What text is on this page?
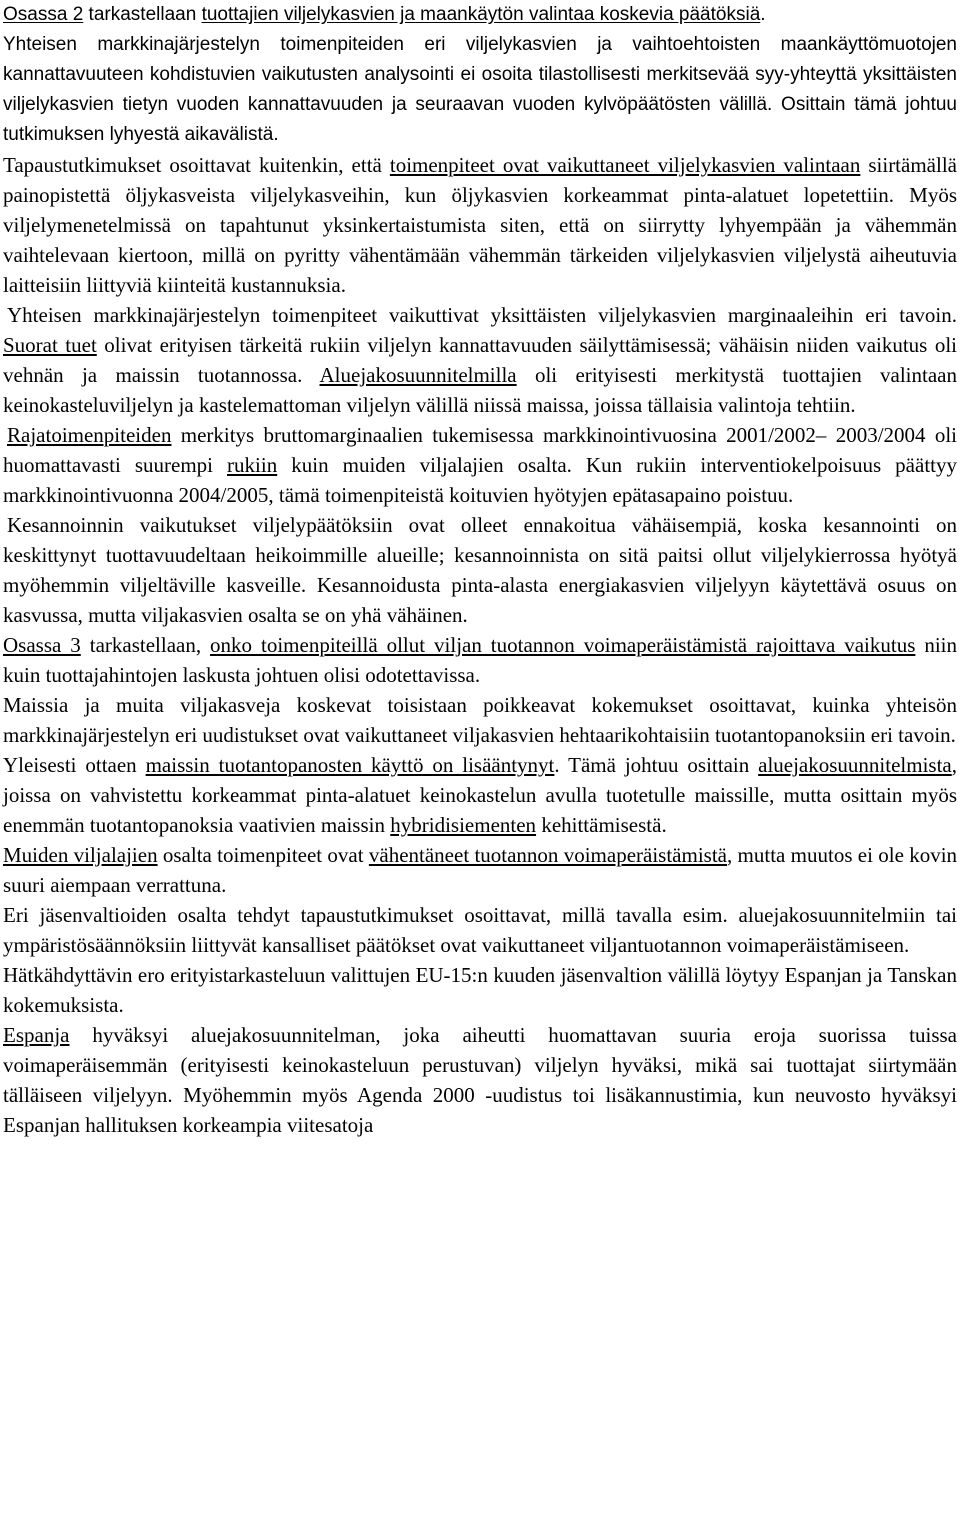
Osassa 2 tarkastellaan tuottajien viljelykasvien ja maankäytön valintaa koskevia päätöksiä.

Yhteisen markkinajärjestelyn toimenpiteiden eri viljelykasvien ja vaihtoehtoisten maankäyttömuotojen kannattavuuteen kohdistuvien vaikutusten analysointi ei osoita tilastollisesti merkitsevää syy-yhteyttä yksittäisten viljelykasvien tietyn vuoden kannattavuuden ja seuraavan vuoden kylvöpäätösten välillä. Osittain tämä johtuu tutkimuksen lyhyestä aikavälistä.

Tapaustutkimukset osoittavat kuitenkin, että toimenpiteet ovat vaikuttaneet viljelykasvien valintaan siirtämällä painopistettä öljykasveista viljelykasveihin, kun öljykasvien korkeammat pinta-alatuet lopetettiin. Myös viljelymenetelmissä on tapahtunut yksinkertaistumista siten, että on siirrytty lyhyempään ja vähemmän vaihtelevaan kiertoon, millä on pyritty vähentämään vähemmän tärkeiden viljelykasvien viljelystä aiheutuvia laitteisiin liittyviä kiinteitä kustannuksia.

Yhteisen markkinajärjestelyn toimenpiteet vaikuttivat yksittäisten viljelykasvien marginaaleihin eri tavoin. Suorat tuet olivat erityisen tärkeitä rukiin viljelyn kannattavuuden säilyttämisessä; vähäisin niiden vaikutus oli vehnän ja maissin tuotannossa. Aluejakosuunnitelmilla oli erityisesti merkitystä tuottajien valintaan keinokasteluviljelyn ja kastelemattoman viljelyn välillä niissä maissa, joissa tällaisia valintoja tehtiin.

Rajatoimenpiteiden merkitys bruttomarginaalien tukemisessa markkinointivuosina 2001/2002– 2003/2004 oli huomattavasti suurempi rukiin kuin muiden viljalajien osalta. Kun rukiin interventiokelpoisuus päättyy markkinointivuonna 2004/2005, tämä toimenpiteistä koituvien hyötyjen epätasapaino poistuu.

Kesannoinnin vaikutukset viljelypäätöksiin ovat olleet ennakoitua vähäisempiä, koska kesannointi on keskittynyt tuottavuudeltaan heikoimmille alueille; kesannoinnista on sitä paitsi ollut viljelykierrossa hyötyä myöhemmin viljeltäville kasveille. Kesannoidusta pinta-alasta energiakasvien viljelyyn käytettävä osuus on kasvussa, mutta viljakasvien osalta se on yhä vähäinen.

Osassa 3 tarkastellaan, onko toimenpiteillä ollut viljan tuotannon voimaperäistämistä rajoittava vaikutus niin kuin tuottajahintojen laskusta johtuen olisi odotettavissa.

Maissia ja muita viljakasveja koskevat toisistaan poikkeavat kokemukset osoittavat, kuinka yhteisön markkinajärjestelyn eri uudistukset ovat vaikuttaneet viljakasvien hehtaarikohtaisiin tuotantopanoksiin eri tavoin.

Yleisesti ottaen maissin tuotantopanosten käyttö on lisääntynyt. Tämä johtuu osittain aluejakosuunnitelmista, joissa on vahvistettu korkeammat pinta-alatuet keinokastelun avulla tuotetulle maissille, mutta osittain myös enemmän tuotantopanoksia vaativien maissin hybridisiementen kehittämisestä.

Muiden viljalajien osalta toimenpiteet ovat vähentäneet tuotannon voimaperäistämistä, mutta muutos ei ole kovin suuri aiempaan verrattuna.

Eri jäsenvaltioiden osalta tehdyt tapaustutkimukset osoittavat, millä tavalla esim. aluejakosuunnitelmiin tai ympäristösäännöksiin liittyvät kansalliset päätökset ovat vaikuttaneet viljantuotannon voimaperäistämiseen.

Hätkähdyttävin ero erityistarkasteluun valittujen EU-15:n kuuden jäsenvaltion välillä löytyy Espanjan ja Tanskan kokemuksista.

Espanja hyväksyi aluejakosuunnitelman, joka aiheutti huomattavan suuria eroja suorissa tuissa voimaperäisemmän (erityisesti keinokasteluun perustuvan) viljelyn hyväksi, mikä sai tuottajat siirtymään tälläiseen viljelyyn. Myöhemmin myös Agenda 2000 -uudistus toi lisäkannustimia, kun neuvosto hyväksyi Espanjan hallituksen korkeampia viitesatoja
